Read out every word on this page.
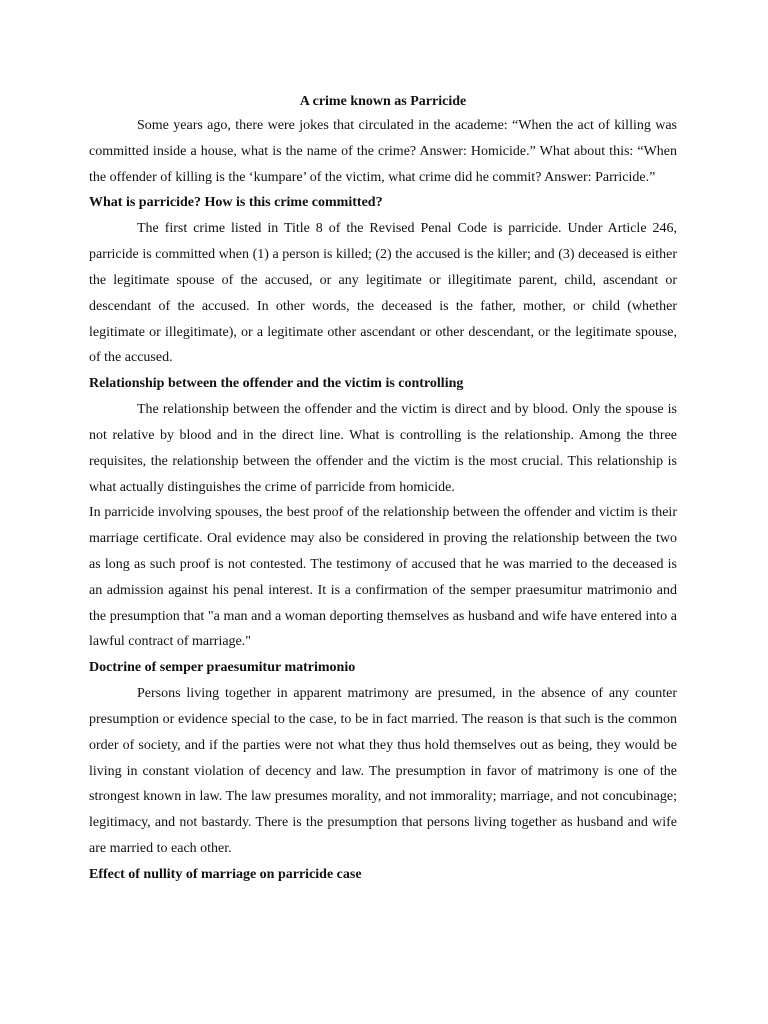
A crime known as Parricide

Some years ago, there were jokes that circulated in the academe: “When the act of killing was committed inside a house, what is the name of the crime? Answer: Homicide.” What about this: “When the offender of killing is the ‘kumpare’ of the victim, what crime did he commit? Answer: Parricide.”

What is parricide? How is this crime committed?

The first crime listed in Title 8 of the Revised Penal Code is parricide. Under Article 246, parricide is committed when (1) a person is killed; (2) the accused is the killer; and (3) deceased is either the legitimate spouse of the accused, or any legitimate or illegitimate parent, child, ascendant or descendant of the accused. In other words, the deceased is the father, mother, or child (whether legitimate or illegitimate), or a legitimate other ascendant or other descendant, or the legitimate spouse, of the accused.

Relationship between the offender and the victim is controlling

The relationship between the offender and the victim is direct and by blood. Only the spouse is not relative by blood and in the direct line. What is controlling is the relationship. Among the three requisites, the relationship between the offender and the victim is the most crucial. This relationship is what actually distinguishes the crime of parricide from homicide.

In parricide involving spouses, the best proof of the relationship between the offender and victim is their marriage certificate. Oral evidence may also be considered in proving the relationship between the two as long as such proof is not contested. The testimony of accused that he was married to the deceased is an admission against his penal interest. It is a confirmation of the semper praesumitur matrimonio and the presumption that "a man and a woman deporting themselves as husband and wife have entered into a lawful contract of marriage."

Doctrine of semper praesumitur matrimonio

Persons living together in apparent matrimony are presumed, in the absence of any counter presumption or evidence special to the case, to be in fact married. The reason is that such is the common order of society, and if the parties were not what they thus hold themselves out as being, they would be living in constant violation of decency and law. The presumption in favor of matrimony is one of the strongest known in law. The law presumes morality, and not immorality; marriage, and not concubinage; legitimacy, and not bastardy. There is the presumption that persons living together as husband and wife are married to each other.

Effect of nullity of marriage on parricide case
